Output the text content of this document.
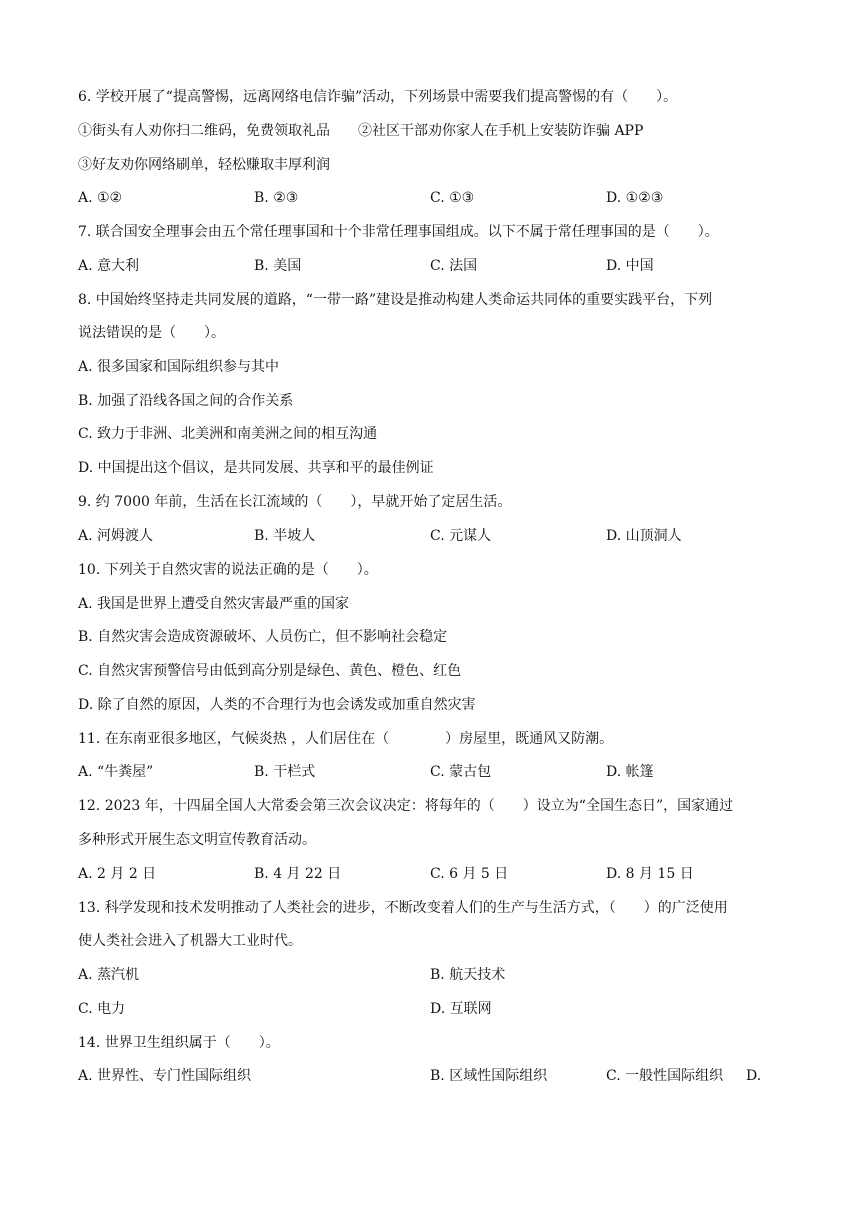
6. 学校开展了“提高警惕，远离网络电信诈骗”活动，下列场景中需要我们提高警惕的有（　　）。
①街头有人劝你扫二维码，免费领取礼品　　②社区干部劝你家人在手机上安装防诈骗 APP
③好友劝你网络刷单，轻松赚取丰厚利润
A. ①②	B. ②③	C. ①③	D. ①②③
7. 联合国安全理事会由五个常任理事国和十个非常任理事国组成。以下不属于常任理事国的是（　　）。
A. 意大利	B. 美国	C. 法国	D. 中国
8. 中国始终坚持走共同发展的道路，“一带一路”建设是推动构建人类命运共同体的重要实践平台，下列
说法错误的是（　　）。
A. 很多国家和国际组织参与其中
B. 加强了沿线各国之间的合作关系
C. 致力于非洲、北美洲和南美洲之间的相互沟通
D. 中国提出这个倡议，是共同发展、共享和平的最佳例证
9. 约 7000 年前，生活在长江流域的（　　），早就开始了定居生活。
A. 河姆渡人	B. 半坡人	C. 元谋人	D. 山顶洞人
10. 下列关于自然灾害的说法正确的是（　　）。
A. 我国是世界上遭受自然灾害最严重的国家
B. 自然灾害会造成资源破坏、人员伤亡，但不影响社会稳定
C. 自然灾害预警信号由低到高分别是绿色、黄色、橙色、红色
D. 除了自然的原因，人类的不合理行为也会诱发或加重自然灾害
11. 在东南亚很多地区，气候炎热 ，人们居住在（　　　　）房屋里，既通风又防潮。
A. “牛粪屋”	B. 干栏式	C. 蒙古包	D. 帐篷
12. 2023 年，十四届全国人大常委会第三次会议决定：将每年的（　　）设立为“全国生态日”，国家通过
多种形式开展生态文明宣传教育活动。
A. 2 月 2 日	B. 4 月 22 日	C. 6 月 5 日	D. 8 月 15 日
13. 科学发现和技术发明推动了人类社会的进步，不断改变着人们的生产与生活方式，（　　）的广泛使用
使人类社会进入了机器大工业时代。
A. 蒸汽机	B. 航天技术
C. 电力	D. 互联网
14. 世界卫生组织属于（　　）。
A. 世界性、专门性国际组织	B. 区域性国际组织	C. 一般性国际组织 D.
